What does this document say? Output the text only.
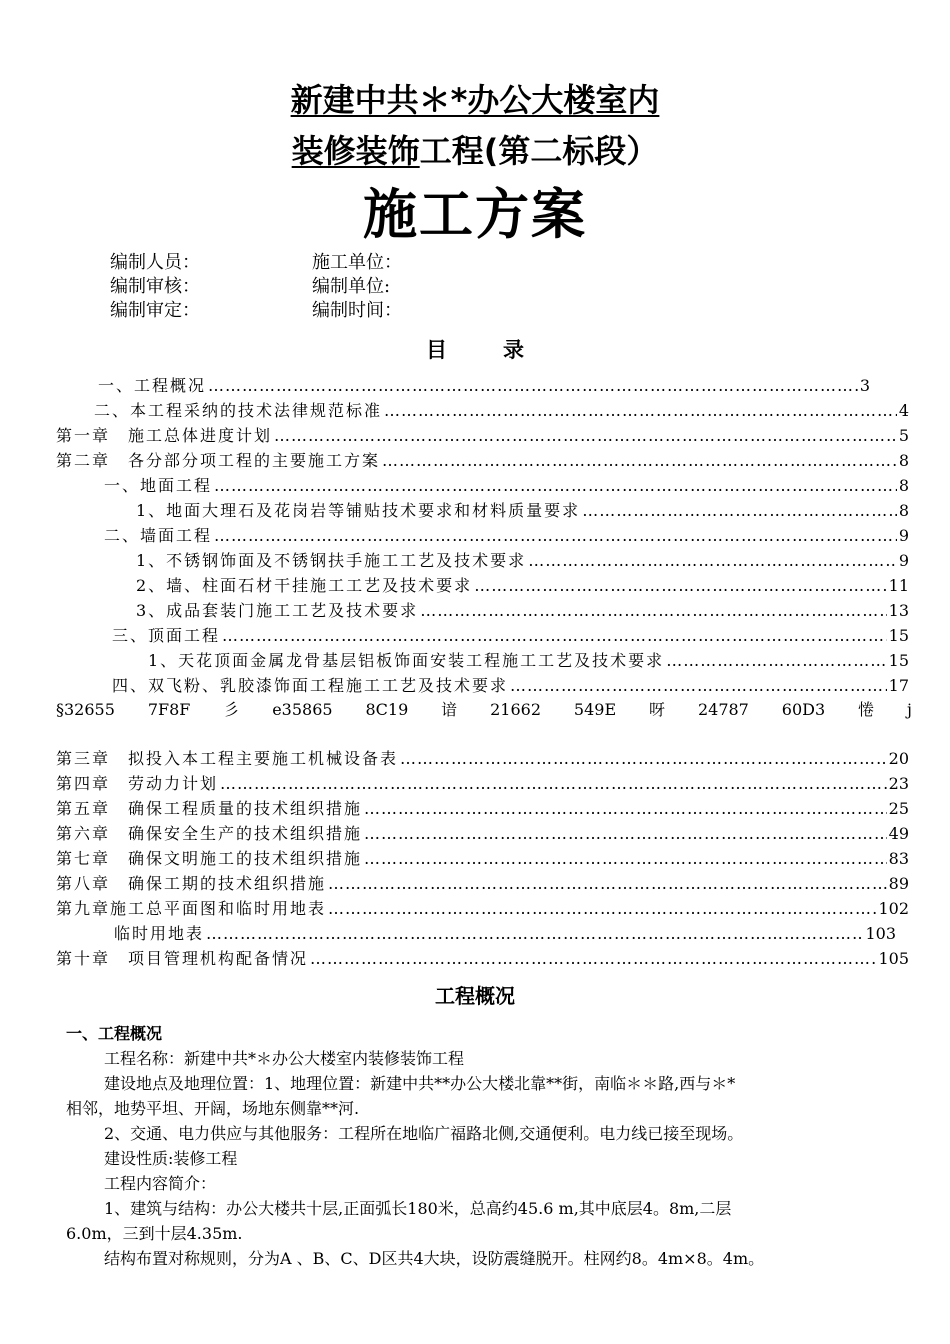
新建中共＊*办公大楼室内
装修装饰工程(第二标段）
施工方案
编制人员：	施工单位：
编制审核：	编制单位:
编制审定：	编制时间：
目	录
一、工程概况 …………………………………………………………………………………………………………………………………………………………………………………………………………	3
二、本工程采纳的技术法律规范标准 …………………………………………………………………………………………………………………………………………………………………………………………………………	4
第一章　施工总体进度计划 …………………………………………………………………………………………………………………………………………………………………………………………………………	5
第二章　各分部分项工程的主要施工方案 …………………………………………………………………………………………………………………………………………………………………………………………………………	8
一、地面工程 …………………………………………………………………………………………………………………………………………………………………………………………………………	8
1、地面大理石及花岗岩等铺贴技术要求和材料质量要求 …………………………………………………………………………………………………………………………………………………………………………………………………………	8
二、墙面工程 …………………………………………………………………………………………………………………………………………………………………………………………………………	9
1、不锈钢饰面及不锈钢扶手施工工艺及技术要求 …………………………………………………………………………………………………………………………………………………………………………………………………………	9
2、墙、柱面石材干挂施工工艺及技术要求 …………………………………………………………………………………………………………………………………………………………………………………………………………	11
3、成品套装门施工工艺及技术要求 …………………………………………………………………………………………………………………………………………………………………………………………………………	13
三、顶面工程 …………………………………………………………………………………………………………………………………………………………………………………………………………	15
1、天花顶面金属龙骨基层铝板饰面安装工程施工工艺及技术要求 …………………………………………………………………………………………………………………………………………………………………………………………………………	15
四、双飞粉、乳胶漆饰面工程施工工艺及技术要求 …………………………………………………………………………………………………………………………………………………………………………………………………………	17
§32655 7F8F 彡 e35865 8C19 谙 21662 549E 呀 24787 60D3 惓 j
第三章　拟投入本工程主要施工机械设备表 …………………………………………………………………………………………………………………………………………………………………………………………………………	20
第四章　劳动力计划 …………………………………………………………………………………………………………………………………………………………………………………………………………	23
第五章　确保工程质量的技术组织措施 …………………………………………………………………………………………………………………………………………………………………………………………………………	25
第六章　确保安全生产的技术组织措施 …………………………………………………………………………………………………………………………………………………………………………………………………………	49
第七章　确保文明施工的技术组织措施 …………………………………………………………………………………………………………………………………………………………………………………………………………	83
第八章　确保工期的技术组织措施 …………………………………………………………………………………………………………………………………………………………………………………………………………	89
第九章施工总平面图和临时用地表 …………………………………………………………………………………………………………………………………………………………………………………………………………	102
临时用地表 …………………………………………………………………………………………………………………………………………………………………………………………………………	103
第十章　项目管理机构配备情况 …………………………………………………………………………………………………………………………………………………………………………………………………………	105
工程概况
一、工程概况
工程名称：新建中共*＊办公大楼室内装修装饰工程
建设地点及地理位置：1、地理位置：新建中共**办公大楼北靠**街，南临＊＊路,西与＊*
相邻，地势平坦、开阔，场地东侧靠**河.
2、交通、电力供应与其他服务：工程所在地临广福路北侧,交通便利。电力线已接至现场。
建设性质:装修工程
工程内容简介：
1、建筑与结构：办公大楼共十层,正面弧长180米，总高约45.6 m,其中底层4。8m,二层
6.0m，三到十层4.35m.
结构布置对称规则，分为A 、B、C、D区共4大块，设防震缝脱开。柱网约8。4m×8。4m。
